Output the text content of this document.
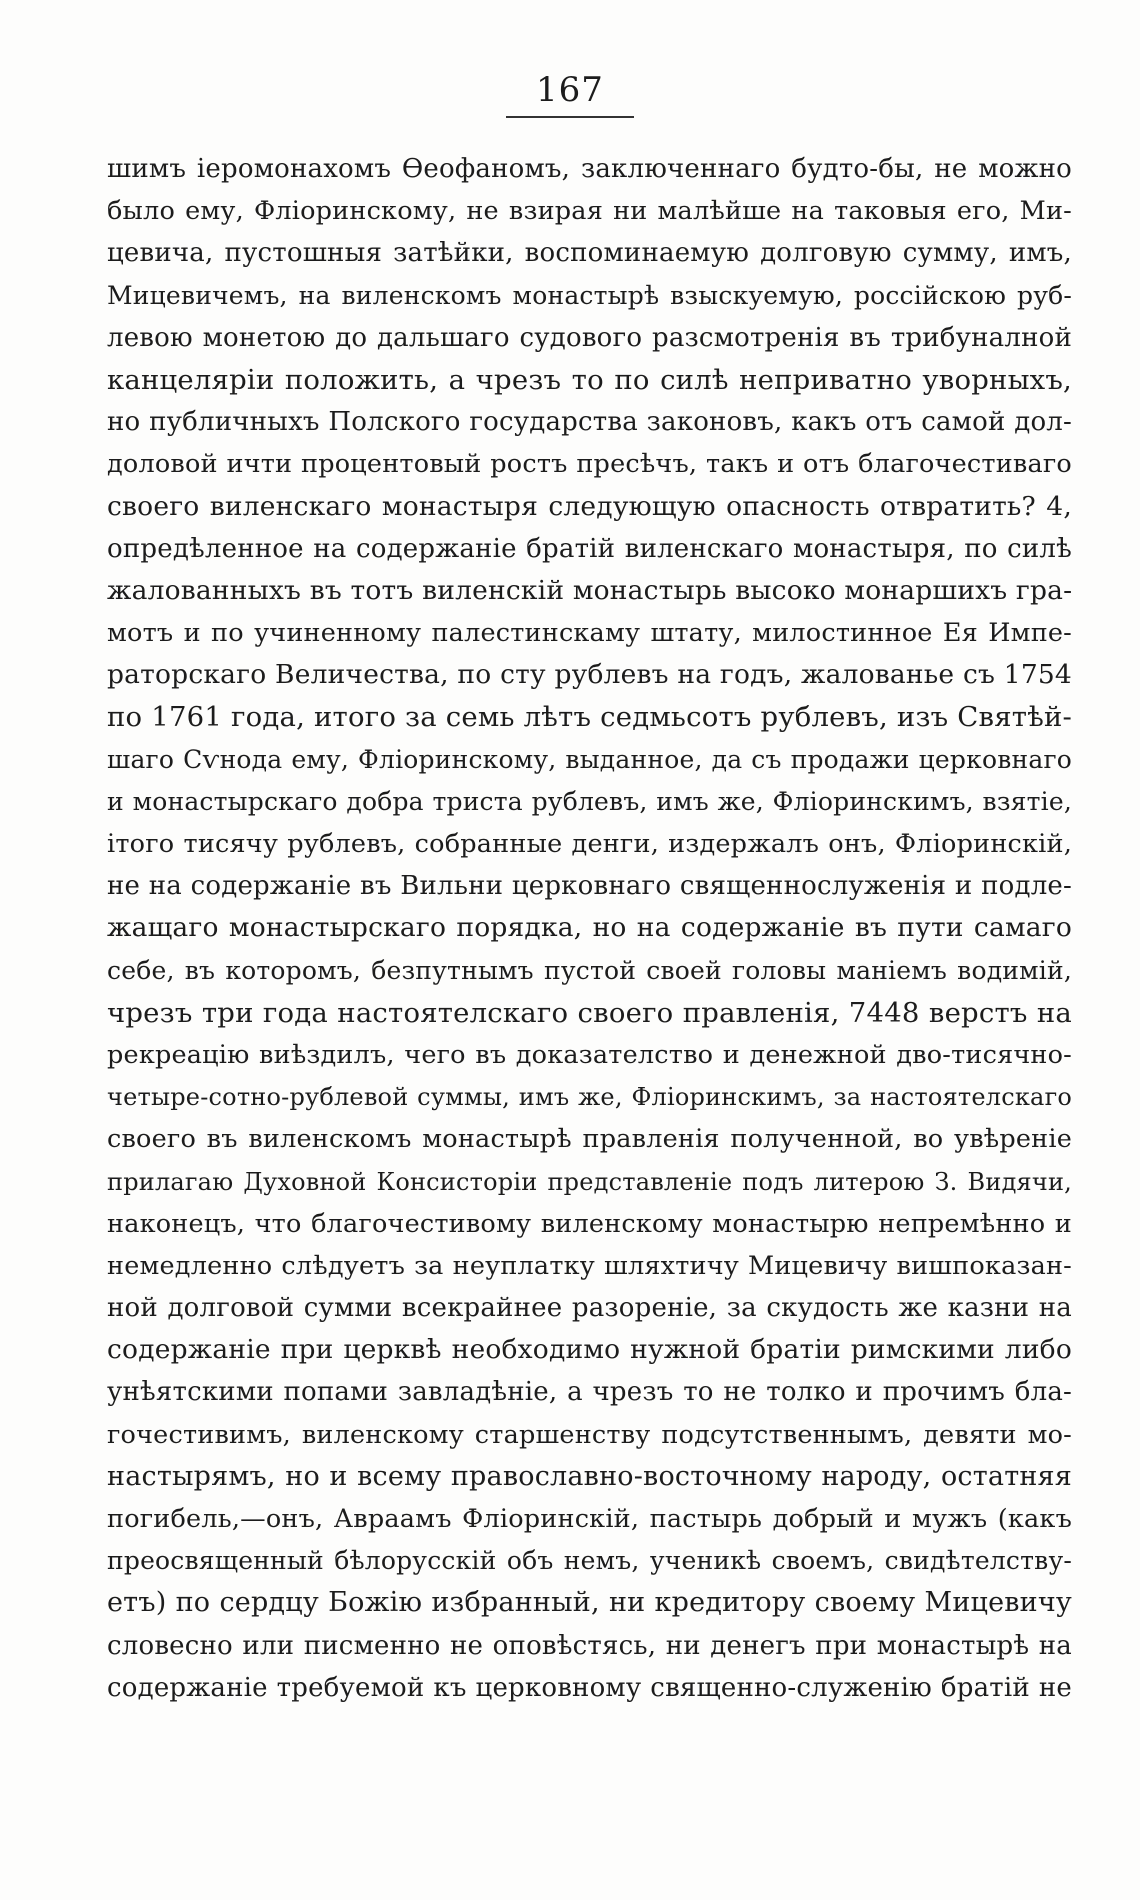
167
шимъ іеромонахомъ Ѳеофаномъ, заключеннаго будто-бы, не можно
было ему, Фліоринскому, не взирая ни малѣйше на таковыя его, Ми-
цевича, пустошныя затѣйки, воспоминаемую долговую сумму, имъ,
Мицевичемъ, на виленскомъ монастырѣ взыскуемую, россійскою руб-
левою монетою до дальшаго судового разсмотренія въ трибуналной
канцеляріи положить, а чрезъ то по силѣ неприватно уворныхъ,
но публичныхъ Полского государства законовъ, какъ отъ самой дол-
доловой ичти процентовый ростъ пресѣчъ, такъ и отъ благочестиваго
своего виленскаго монастыря следующую опасность отвратить? 4,
опредѣленное на содержаніе братій виленскаго монастыря, по силѣ
жалованныхъ въ тотъ виленскій монастырь высоко монаршихъ гра-
мотъ и по учиненному палестинскаму штату, милостинное Ея Импе-
раторскаго Величества, по сту рублевъ на годъ, жалованье съ 1754
по 1761 года, итого за семь лѣтъ седмьсотъ рублевъ, изъ Святѣй-
шаго Сѵнода ему, Фліоринскому, выданное, да съ продажи церковнаго
и монастырскаго добра триста рублевъ, имъ же, Фліоринскимъ, взятіе,
ітого тисячу рублевъ, собранные денги, издержалъ онъ, Фліоринскій,
не на содержаніе въ Вильни церковнаго священнослуженія и подле-
жащаго монастырскаго порядка, но на содержаніе въ пути самаго
себе, въ которомъ, безпутнымъ пустой своей головы маніемъ водимій,
чрезъ три года настоятелскаго своего правленія, 7448 верстъ на
рекреацію виѣздилъ, чего въ доказателство и денежной дво-тисячно-
четыре-сотно-рублевой суммы, имъ же, Фліоринскимъ, за настоятелскаго
своего въ виленскомъ монастырѣ правленія полученной, во увѣреніе
прилагаю Духовной Консисторіи представленіе подъ литерою З. Видячи,
наконецъ, что благочестивому виленскому монастырю непремѣнно и
немедленно слѣдуетъ за неуплатку шляхтичу Мицевичу вишпоказан-
ной долговой сумми всекрайнее разореніе, за скудость же казни на
содержаніе при церквѣ необходимо нужной братіи римскими либо
унѣятскими попами завладѣніе, а чрезъ то не толко и прочимъ бла-
гочестивимъ, виленскому старшенству подсутственнымъ, девяти мо-
настырямъ, но и всему православно-восточному народу, остатняя
погибель,—онъ, Авраамъ Фліоринскій, пастырь добрый и мужъ (какъ
преосвященный бѣлорусскій объ немъ, ученикѣ своемъ, свидѣтелству-
етъ) по сердцу Божію избранный, ни кредитору своему Мицевичу
словесно или писменно не оповѣстясь, ни денегъ при монастырѣ на
содержаніе требуемой къ церковному священно-служенію братій не
